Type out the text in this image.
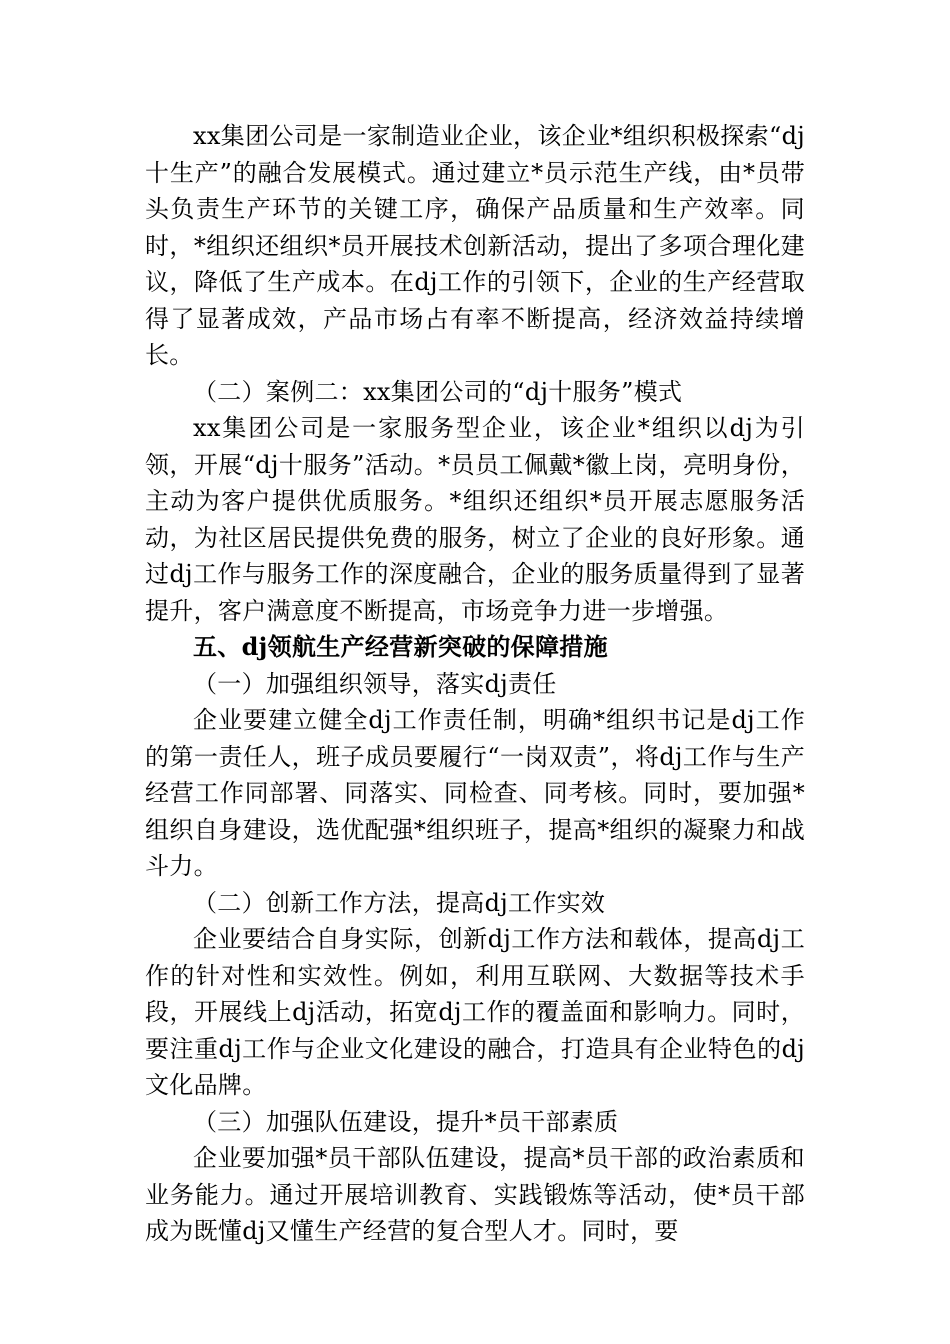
xx集团公司是一家制造业企业，该企业*组织积极探索“dj十生产”的融合发展模式。通过建立*员示范生产线，由*员带头负责生产环节的关键工序，确保产品质量和生产效率。同时，*组织还组织*员开展技术创新活动，提出了多项合理化建议，降低了生产成本。在dj工作的引领下，企业的生产经营取得了显著成效，产品市场占有率不断提高，经济效益持续增长。

（二）案例二：xx集团公司的“dj十服务”模式

xx集团公司是一家服务型企业，该企业*组织以dj为引领，开展“dj十服务”活动。*员员工佩戴*徽上岗，亮明身份，主动为客户提供优质服务。*组织还组织*员开展志愿服务活动，为社区居民提供免费的服务，树立了企业的良好形象。通过dj工作与服务工作的深度融合，企业的服务质量得到了显著提升，客户满意度不断提高，市场竞争力进一步增强。

五、dj领航生产经营新突破的保障措施

（一）加强组织领导，落实dj责任

企业要建立健全dj工作责任制，明确*组织书记是dj工作的第一责任人，班子成员要履行“一岗双责”，将dj工作与生产经营工作同部署、同落实、同检查、同考核。同时，要加强*组织自身建设，选优配强*组织班子，提高*组织的凝聚力和战斗力。

（二）创新工作方法，提高dj工作实效

企业要结合自身实际，创新dj工作方法和载体，提高dj工作的针对性和实效性。例如，利用互联网、大数据等技术手段，开展线上dj活动，拓宽dj工作的覆盖面和影响力。同时，要注重dj工作与企业文化建设的融合，打造具有企业特色的dj文化品牌。

（三）加强队伍建设，提升*员干部素质

企业要加强*员干部队伍建设，提高*员干部的政治素质和业务能力。通过开展培训教育、实践锻炼等活动，使*员干部成为既懂dj又懂生产经营的复合型人才。同时，要
